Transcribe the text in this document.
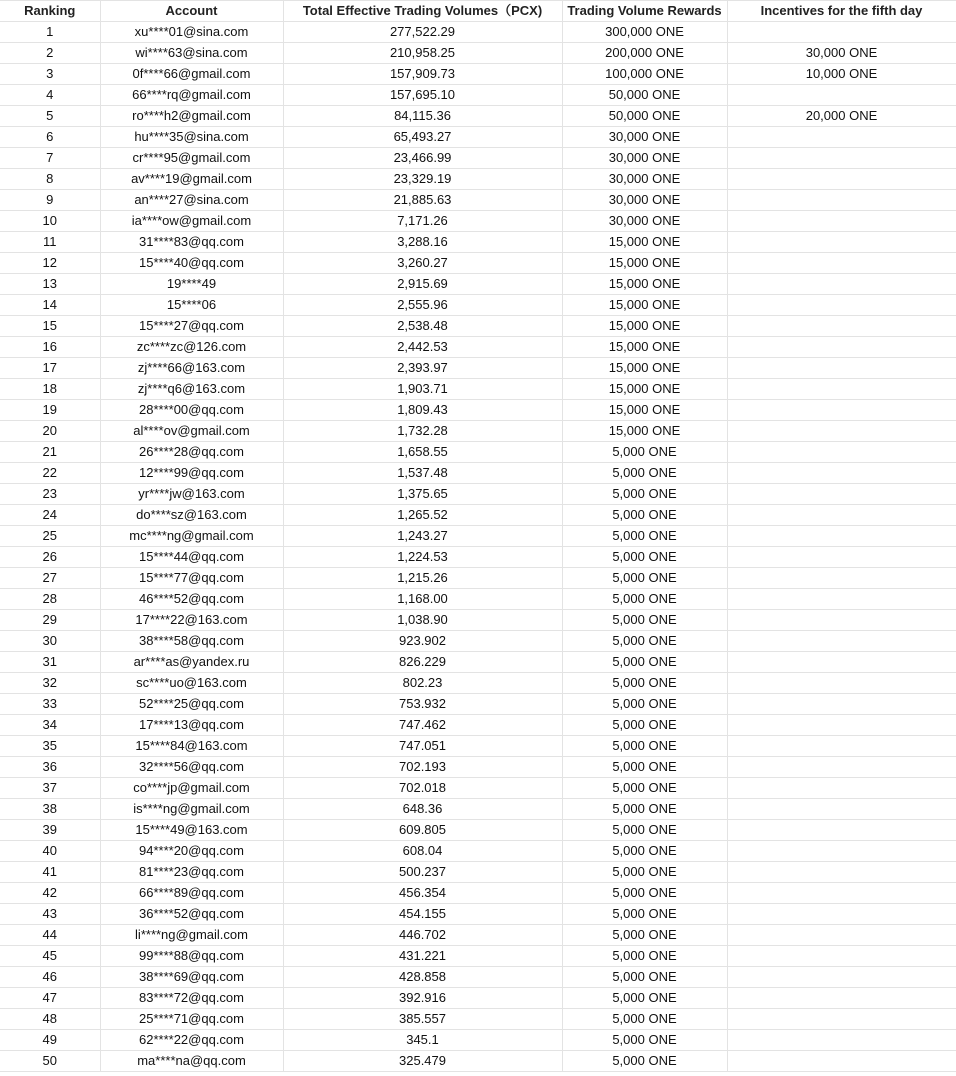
Ranking	Account	Total Effective Trading Volumes（PCX)	Trading Volume Rewards	Incentives for the fifth day
1	xu****01@sina.com	277,522.29	300,000 ONE	
2	wi****63@sina.com	210,958.25	200,000 ONE	30,000 ONE
3	0f****66@gmail.com	157,909.73	100,000 ONE	10,000 ONE
4	66****rq@gmail.com	157,695.10	50,000 ONE	
5	ro****h2@gmail.com	84,115.36	50,000 ONE	20,000 ONE
6	hu****35@sina.com	65,493.27	30,000 ONE	
7	cr****95@gmail.com	23,466.99	30,000 ONE	
8	av****19@gmail.com	23,329.19	30,000 ONE	
9	an****27@sina.com	21,885.63	30,000 ONE	
10	ia****ow@gmail.com	7,171.26	30,000 ONE	
11	31****83@qq.com	3,288.16	15,000 ONE	
12	15****40@qq.com	3,260.27	15,000 ONE	
13	19****49	2,915.69	15,000 ONE	
14	15****06	2,555.96	15,000 ONE	
15	15****27@qq.com	2,538.48	15,000 ONE	
16	zc****zc@126.com	2,442.53	15,000 ONE	
17	zj****66@163.com	2,393.97	15,000 ONE	
18	zj****q6@163.com	1,903.71	15,000 ONE	
19	28****00@qq.com	1,809.43	15,000 ONE	
20	al****ov@gmail.com	1,732.28	15,000 ONE	
21	26****28@qq.com	1,658.55	5,000 ONE	
22	12****99@qq.com	1,537.48	5,000 ONE	
23	yr****jw@163.com	1,375.65	5,000 ONE	
24	do****sz@163.com	1,265.52	5,000 ONE	
25	mc****ng@gmail.com	1,243.27	5,000 ONE	
26	15****44@qq.com	1,224.53	5,000 ONE	
27	15****77@qq.com	1,215.26	5,000 ONE	
28	46****52@qq.com	1,168.00	5,000 ONE	
29	17****22@163.com	1,038.90	5,000 ONE	
30	38****58@qq.com	923.902	5,000 ONE	
31	ar****as@yandex.ru	826.229	5,000 ONE	
32	sc****uo@163.com	802.23	5,000 ONE	
33	52****25@qq.com	753.932	5,000 ONE	
34	17****13@qq.com	747.462	5,000 ONE	
35	15****84@163.com	747.051	5,000 ONE	
36	32****56@qq.com	702.193	5,000 ONE	
37	co****jp@gmail.com	702.018	5,000 ONE	
38	is****ng@gmail.com	648.36	5,000 ONE	
39	15****49@163.com	609.805	5,000 ONE	
40	94****20@qq.com	608.04	5,000 ONE	
41	81****23@qq.com	500.237	5,000 ONE	
42	66****89@qq.com	456.354	5,000 ONE	
43	36****52@qq.com	454.155	5,000 ONE	
44	li****ng@gmail.com	446.702	5,000 ONE	
45	99****88@qq.com	431.221	5,000 ONE	
46	38****69@qq.com	428.858	5,000 ONE	
47	83****72@qq.com	392.916	5,000 ONE	
48	25****71@qq.com	385.557	5,000 ONE	
49	62****22@qq.com	345.1	5,000 ONE	
50	ma****na@qq.com	325.479	5,000 ONE	
